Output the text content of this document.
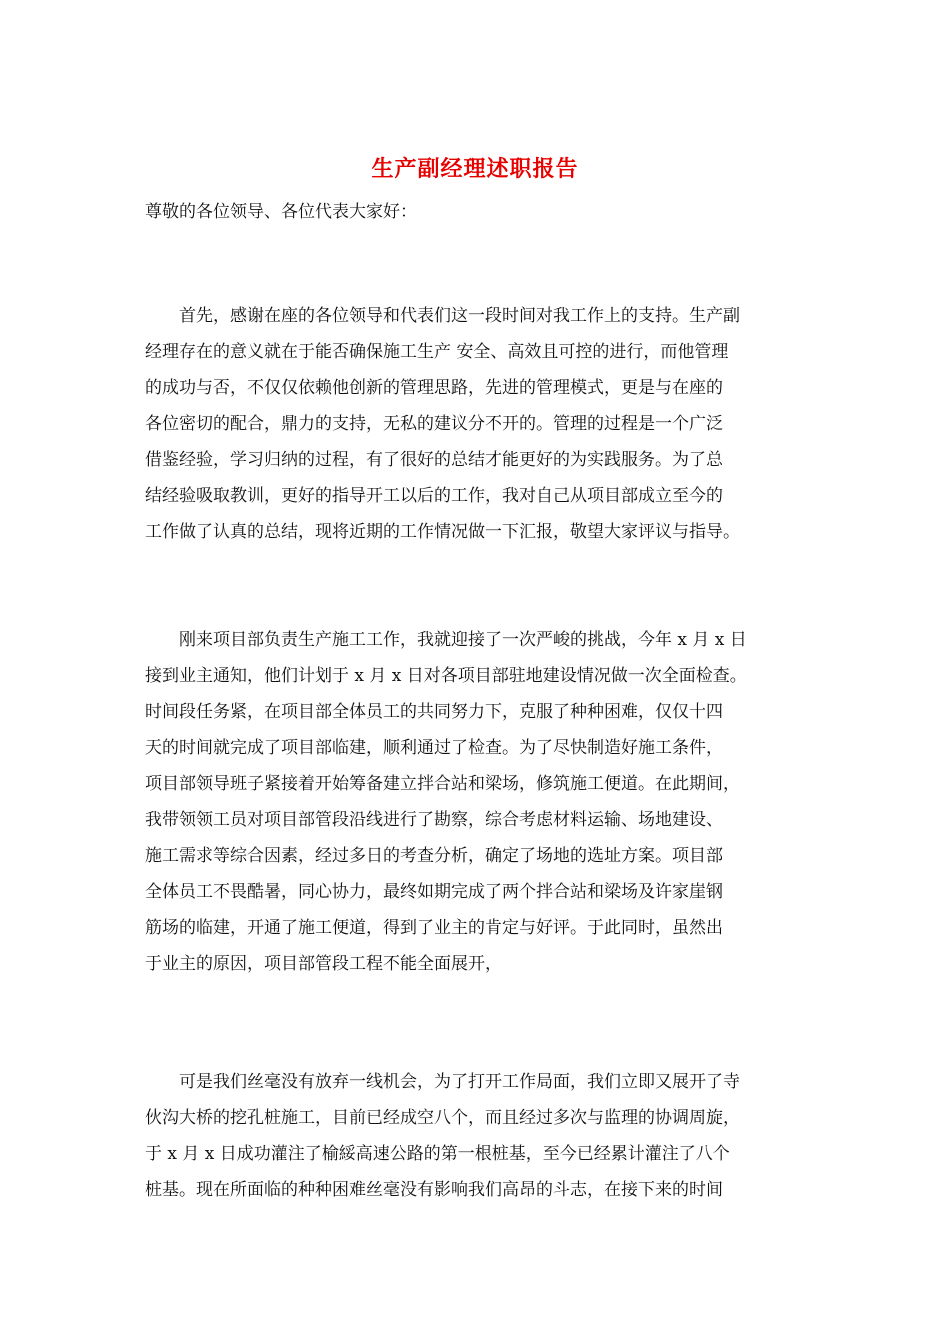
生产副经理述职报告

尊敬的各位领导、各位代表大家好：

首先，感谢在座的各位领导和代表们这一段时间对我工作上的支持。生产副
经理存在的意义就在于能否确保施工生产 安全、高效且可控的进行，而他管理
的成功与否，不仅仅依赖他创新的管理思路，先进的管理模式，更是与在座的
各位密切的配合，鼎力的支持，无私的建议分不开的。管理的过程是一个广泛
借鉴经验，学习归纳的过程，有了很好的总结才能更好的为实践服务。为了总
结经验吸取教训，更好的指导开工以后的工作，我对自己从项目部成立至今的
工作做了认真的总结，现将近期的工作情况做一下汇报，敬望大家评议与指导。

刚来项目部负责生产施工工作，我就迎接了一次严峻的挑战，今年 x 月 x 日
接到业主通知，他们计划于 x 月 x 日对各项目部驻地建设情况做一次全面检查。
时间段任务紧，在项目部全体员工的共同努力下，克服了种种困难，仅仅十四
天的时间就完成了项目部临建，顺利通过了检查。为了尽快制造好施工条件，
项目部领导班子紧接着开始筹备建立拌合站和梁场，修筑施工便道。在此期间，
我带领领工员对项目部管段沿线进行了勘察，综合考虑材料运输、场地建设、
施工需求等综合因素，经过多日的考查分析，确定了场地的选址方案。项目部
全体员工不畏酷暑，同心协力，最终如期完成了两个拌合站和梁场及许家崖钢
筋场的临建，开通了施工便道，得到了业主的肯定与好评。于此同时，虽然出
于业主的原因，项目部管段工程不能全面展开，

可是我们丝毫没有放弃一线机会，为了打开工作局面，我们立即又展开了寺
伙沟大桥的挖孔桩施工，目前已经成空八个，而且经过多次与监理的协调周旋，
于 x 月 x 日成功灌注了榆綏高速公路的第一根桩基，至今已经累计灌注了八个
桩基。现在所面临的种种困难丝毫没有影响我们高昂的斗志，在接下来的时间
